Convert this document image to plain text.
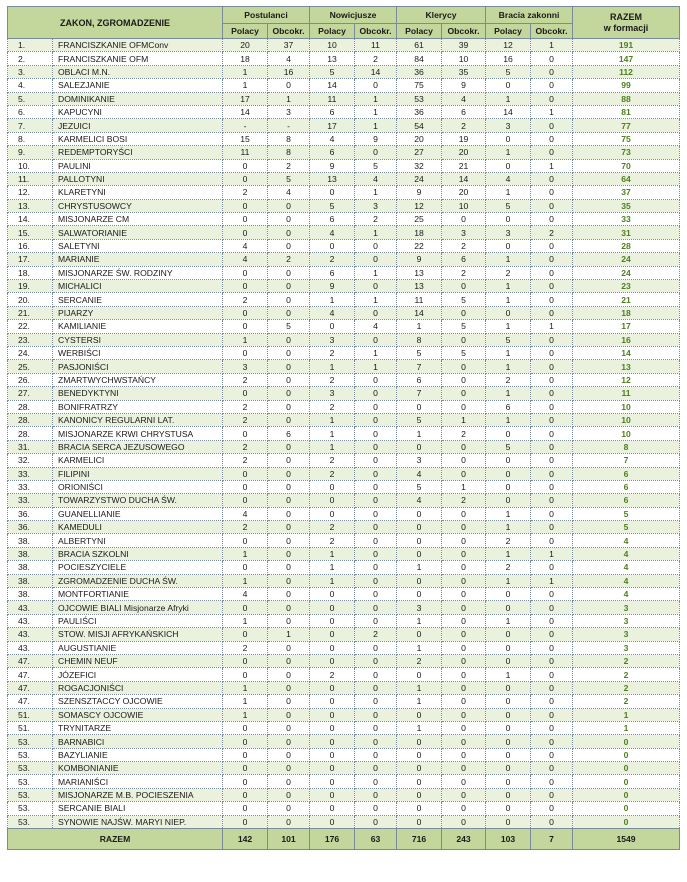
ZAKON, ZGROMADZENIE		Postulanci		Nowicjusze		Klerycy		Bracia zakonni		RAZEM
w formacji

		Polacy	Obcokr.	Polacy	Obcokr.	Polacy	Obcokr.	Polacy	Obcokr.	
1.	FRANCISZKANIE OFMConv	20	37	10	11	61	39	12	1	191
2.	FRANCISZKANIE OFM	18	4	13	2	84	10	16	0	147
3.	OBLACI M.N.	1	16	5	14	36	35	5	0	112
4.	SALEZJANIE	1	0	14	0	75	9	0	0	99
5.	DOMINIKANIE	17	1	11	1	53	4	1	0	88
6.	KAPUCYNI	14	3	6	1	36	6	14	1	81
7.	JEZUICI	-	-	17	1	54	2	3	0	77
8.	KARMELICI BOSI	15	8	4	9	20	19	0	0	75
9.	REDEMPTORYŚCI	11	8	6	0	27	20	1	0	73
10.	PAULINI	0	2	9	5	32	21	0	1	70
11.	PALLOTYNI	0	5	13	4	24	14	4	0	64
12.	KLARETYNI	2	4	0	1	9	20	1	0	37
13.	CHRYSTUSOWCY	0	0	5	3	12	10	5	0	35
14.	MISJONARZE CM	0	0	6	2	25	0	0	0	33
15.	SALWATORIANIE	0	0	4	1	18	3	3	2	31
16.	SALETYNI	4	0	0	0	22	2	0	0	28
17.	MARIANIE	4	2	2	0	9	6	1	0	24
18.	MISJONARZE ŚW. RODZINY	0	0	6	1	13	2	2	0	24
19.	MICHALICI	0	0	9	0	13	0	1	0	23
20.	SERCANIE	2	0	1	1	11	5	1	0	21
21.	PIJARZY	0	0	4	0	14	0	0	0	18
22.	KAMILIANIE	0	5	0	4	1	5	1	1	17
23.	CYSTERSI	1	0	3	0	8	0	5	0	16
24.	WERBIŚCI	0	0	2	1	5	5	1	0	14
25.	PASJONIŚCI	3	0	1	1	7	0	1	0	13
26.	ZMARTWYCHWSTAŃCY	2	0	2	0	6	0	2	0	12
27.	BENEDYKTYNI	0	0	3	0	7	0	1	0	11
28.	BONIFRATRZY	2	0	2	0	0	0	6	0	10
28.	KANONICY REGULARNI LAT.	2	0	1	0	5	1	1	0	10
28.	MISJONARZE KRWI CHRYSTUSA	0	6	1	0	1	2	0	0	10
31.	BRACIA SERCA JEZUSOWEGO	2	0	1	0	0	0	5	0	8
32.	KARMELICI	2	0	2	0	3	0	0	0	7
33.	FILIPINI	0	0	2	0	4	0	0	0	6
33.	ORIONIŚCI	0	0	0	0	5	1	0	0	6
33.	TOWARZYSTWO DUCHA ŚW.	0	0	0	0	4	2	0	0	6
36.	GUANELLIANIE	4	0	0	0	0	0	1	0	5
36.	KAMEDULI	2	0	2	0	0	0	1	0	5
38.	ALBERTYNI	0	0	2	0	0	0	2	0	4
38.	BRACIA SZKOLNI	1	0	1	0	0	0	1	1	4
38.	POCIESZYCIELE	0	0	1	0	1	0	2	0	4
38.	ZGROMADZENIE DUCHA ŚW.	1	0	1	0	0	0	1	1	4
38.	MONTFORTIANIE	4	0	0	0	0	0	0	0	4
43.	OJCOWIE BIALI Misjonarze Afryki	0	0	0	0	3	0	0	0	3
43.	PAULIŚCI	1	0	0	0	1	0	1	0	3
43.	STOW. MISJI AFRYKAŃSKICH	0	1	0	2	0	0	0	0	3
43.	AUGUSTIANIE	2	0	0	0	1	0	0	0	3
47.	CHEMIN NEUF	0	0	0	0	2	0	0	0	2
47.	JÓZEFICI	0	0	2	0	0	0	1	0	2
47.	ROGACJONIŚCI	1	0	0	0	1	0	0	0	2
47.	SZENSZTACCY OJCOWIE	1	0	0	0	1	0	0	0	2
51.	SOMASCY OJCOWIE	1	0	0	0	0	0	0	0	1
51.	TRYNITARZE	0	0	0	0	1	0	0	0	1
53.	BARNABICI	0	0	0	0	0	0	0	0	0
53.	BAZYLIANIE	0	0	0	0	0	0	0	0	0
53.	KOMBONIANIE	0	0	0	0	0	0	0	0	0
53.	MARIANIŚCI	0	0	0	0	0	0	0	0	0
53.	MISJONARZE M.B. POCIESZENIA	0	0	0	0	0	0	0	0	0
53.	SERCANIE BIALI	0	0	0	0	0	0	0	0	0
53.	SYNOWIE NAJŚW. MARYI NIEP.	0	0	0	0	0	0	0	0	0
RAZEM		142	101	176	63	716	243	103	7	1549
